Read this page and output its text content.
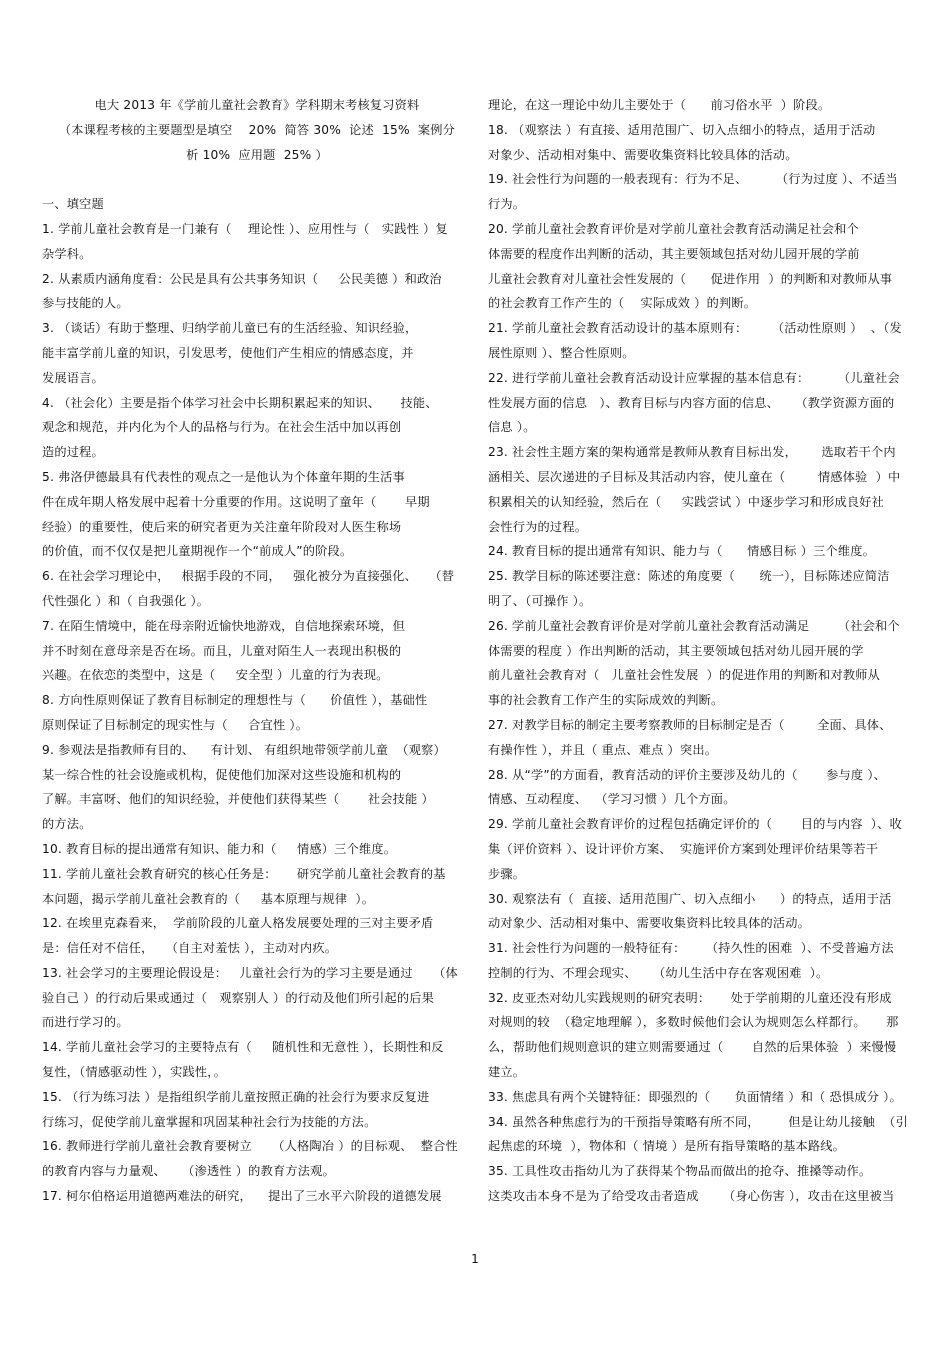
电大 2013 年《学前儿童社会教育》学科期末考核复习资料
（本课程考核的主要题型是填空    20%  简答 30%  论述  15%  案例分
析 10%  应用题  25% ）
一、填空题
1. 学前儿童社会教育是一门兼有（    理论性 ）、应用性与（   实践性 ）复
杂学科。
2. 从素质内涵角度看：公民是具有公共事务知识（     公民美德 ）和政治
参与技能的人。
3. （谈话）有助于整理、归纳学前儿童已有的生活经验、知识经验，
能丰富学前儿童的知识，引发思考，使他们产生相应的情感态度，并
发展语言。
4. （社会化）主要是指个体学习社会中长期积累起来的知识、     技能、
观念和规范，并内化为个人的品格与行为。在社会生活中加以再创
造的过程。
5. 弗洛伊德最具有代表性的观点之一是他认为个体童年期的生活事
件在成年期人格发展中起着十分重要的作用。这说明了童年（       早期
经验）的重要性，使后来的研究者更为关注童年阶段对人医生称场
的价值，而不仅仅是把儿童期视作一个“前成人”的阶段。
6. 在社会学习理论中，   根据手段的不同，   强化被分为直接强化、   （替
代性强化 ）和（ 自我强化 ）。
7. 在陌生情境中，能在母亲附近愉快地游戏，自信地探索环境，但
并不时刻在意母亲是否在场。而且，儿童对陌生人一表现出积极的
兴趣。在依恋的类型中，这是（     安全型 ）儿童的行为表现。
8. 方向性原则保证了教育目标制定的理想性与（      价值性 ），基础性
原则保证了目标制定的现实性与（     合宜性 ）。
9. 参观法是指教师有目的、    有计划、 有组织地带领学前儿童  （观察）
某一综合性的社会设施或机构，促使他们加深对这些设施和机构的
了解。丰富呀、他们的知识经验，并使他们获得某些（       社会技能 ）
的方法。
10. 教育目标的提出通常有知识、能力和（     情感）三个维度。
11. 学前儿童社会教育研究的核心任务是：     研究学前儿童社会教育的基
本问题，揭示学前儿童社会教育的（     基本原理与规律  ）。
12. 在埃里克森看来，  学前阶段的儿童人格发展要处理的三对主要矛盾
是：信任对不信任，   （自主对羞怯 ），主动对内疚。
13. 社会学习的主要理论假设是：   儿童社会行为的学习主要是通过     （体
验自己 ）的行动后果或通过（   观察别人 ）的行动及他们所引起的后果
而进行学习的。
14. 学前儿童社会学习的主要特点有（     随机性和无意性 ），长期性和反
复性，（情感驱动性 ），实践性，。
15. （行为练习法 ）是指组织学前儿童按照正确的社会行为要求反复进
行练习，促使学前儿童掌握和巩固某种社会行为技能的方法。
16. 教师进行学前儿童社会教育要树立     （人格陶冶 ）的目标观、  整合性
的教育内容与力量观、    （渗透性 ）的教育方法观。
17. 柯尔伯格运用道德两难法的研究，    提出了三水平六阶段的道德发展
理论，在这一理论中幼儿主要处于（      前习俗水平  ）阶段。
18. （观察法 ）有直接、适用范围广、切入点细小的特点，适用于活动
对象少、活动相对集中、需要收集资料比较具体的活动。
19. 社会性行为问题的一般表现有：行为不足、       （行为过度 ）、不适当
行为。
20. 学前儿童社会教育评价是对学前儿童社会教育活动满足社会和个
体需要的程度作出判断的活动，其主要领域包括对幼儿园开展的学前
儿童社会教育对儿童社会性发展的（      促进作用  ）的判断和对教师从事
的社会教育工作产生的（    实际成效 ）的判断。
21. 学前儿童社会教育活动设计的基本原则有：      （活动性原则 ）  、（发
展性原则 ）、整合性原则。
22. 进行学前儿童社会教育活动设计应掌握的基本信息有：       （儿童社会
性发展方面的信息   ）、教育目标与内容方面的信息、    （教学资源方面的
信息 ）。
23. 社会性主题方案的架构通常是教师从教育目标出发，      选取若干个内
涵相关、层次递进的子目标及其活动内容，使儿童在（        情感体验  ）中
积累相关的认知经验，然后在（     实践尝试 ）中逐步学习和形成良好社
会性行为的过程。
24. 教育目标的提出通常有知识、能力与（      情感目标 ）三个维度。
25. 教学目标的陈述要注意：陈述的角度要（      统一），目标陈述应简洁
明了、（可操作 ）。
26. 学前儿童社会教育评价是对学前儿童社会教育活动满足       （社会和个
体需要的程度 ）作出判断的活动，其主要领域包括对幼儿园开展的学
前儿童社会教育对（   儿童社会性发展  ）的促进作用的判断和对教师从
事的社会教育工作产生的实际成效的判断。
27. 对教学目标的制定主要考察教师的目标制定是否（        全面、具体、
有操作性 ），并且（ 重点、难点 ）突出。
28. 从“学”的方面看，教育活动的评价主要涉及幼儿的（       参与度 ）、
情感、互动程度、  （学习习惯 ）几个方面。
29. 学前儿童社会教育评价的过程包括确定评价的（       目的与内容  ）、收
集（评价资料 ）、设计评价方案、  实施评价方案到处理评价结果等若干
步骤。
30. 观察法有（  直接、适用范围广、切入点细小      ）的特点，适用于活
动对象少、活动相对集中、需要收集资料比较具体的活动。
31. 社会性行为问题的一般特征有：     （持久性的困难  ）、不受普遍方法
控制的行为、不理会现实、    （幼儿生活中存在客观困难  ）。
32. 皮亚杰对幼儿实践规则的研究表明：     处于学前期的儿童还没有形成
对规则的较  （稳定地理解 ），多数时候他们会认为规则怎么样都行。     那
么，帮助他们规则意识的建立则需要通过（       自然的后果体验  ）来慢慢
建立。
33. 焦虑具有两个关键特征：即强烈的（      负面情绪 ）和（ 恐惧成分 ）。
34. 虽然各种焦虑行为的干预指导策略有所不同，       但是让幼儿接触  （引
起焦虑的环境  ），物体和（ 情境 ）是所有指导策略的基本路线。
35. 工具性攻击指幼儿为了获得某个物品而做出的抢夺、推搡等动作。
这类攻击本身不是为了给受攻击者造成      （身心伤害 ），攻击在这里被当
1
